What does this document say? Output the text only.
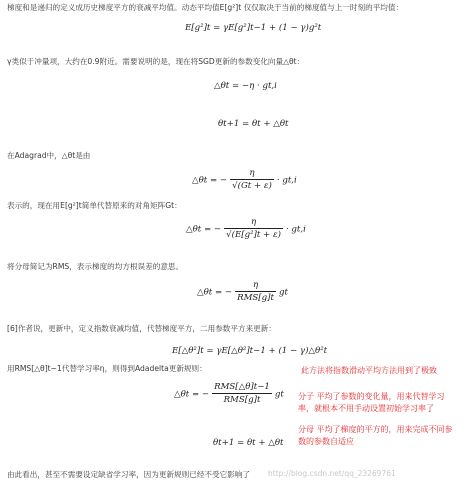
梯度和是递归的定义成历史梯度平方的衰减平均值。动态平均值E[g²]t 仅仅取决于当前的梯度值与上一时刻的平均值：
E[g²]t = γE[g²]t−1 + (1 − γ)g²t
γ类似于冲量项，大约在0.9附近。需要说明的是，现在将SGD更新的参数变化向量△θt：
△θt = −η · gt,i
θt+1 = θt + △θt
在Adagrad中，△θt是由
△θt = − $\frac{\eta}{√(Gt + \varepsilon)} \cdot gt,i$
表示的，现在用E[g²]t简单代替原来的对角矩阵Gt：
△θt = − $\frac{\eta}{\text{√(E[g²]t + ε)}} \cdot gt,i$
将分母简记为RMS，表示梯度的均方根误差的意思。
△θt = − $\frac{\eta}{\text{RMS[g]t}}$ gt
[6]作者说，更新中，定义指数衰减均值，代替梯度平方，二用参数平方来更新：
E[△θ²]t = γE[△θ²]t−1 + (1 − γ)△θ²t
用RMS[△θ]t−1代替学习率η，则得到Adadelta更新规则：
△θt = − $\frac{\text{RMS[△θ]t−1}}{\text{RMS[g]t}}$ gt
θt+1 = θt + △θt
由此看出，甚至不需要设定缺省学习率，因为更新规则已经不受它影响了
此方法将指数滑动平均方法用到了极致
分子 平均了参数的变化量，用来代替学习
率，就根本不用手动设置初始学习率了
分母 平均了梯度的平方的，用来完成不同参
数的参数自适应
http://blog.csdn.net/qq_23269761
